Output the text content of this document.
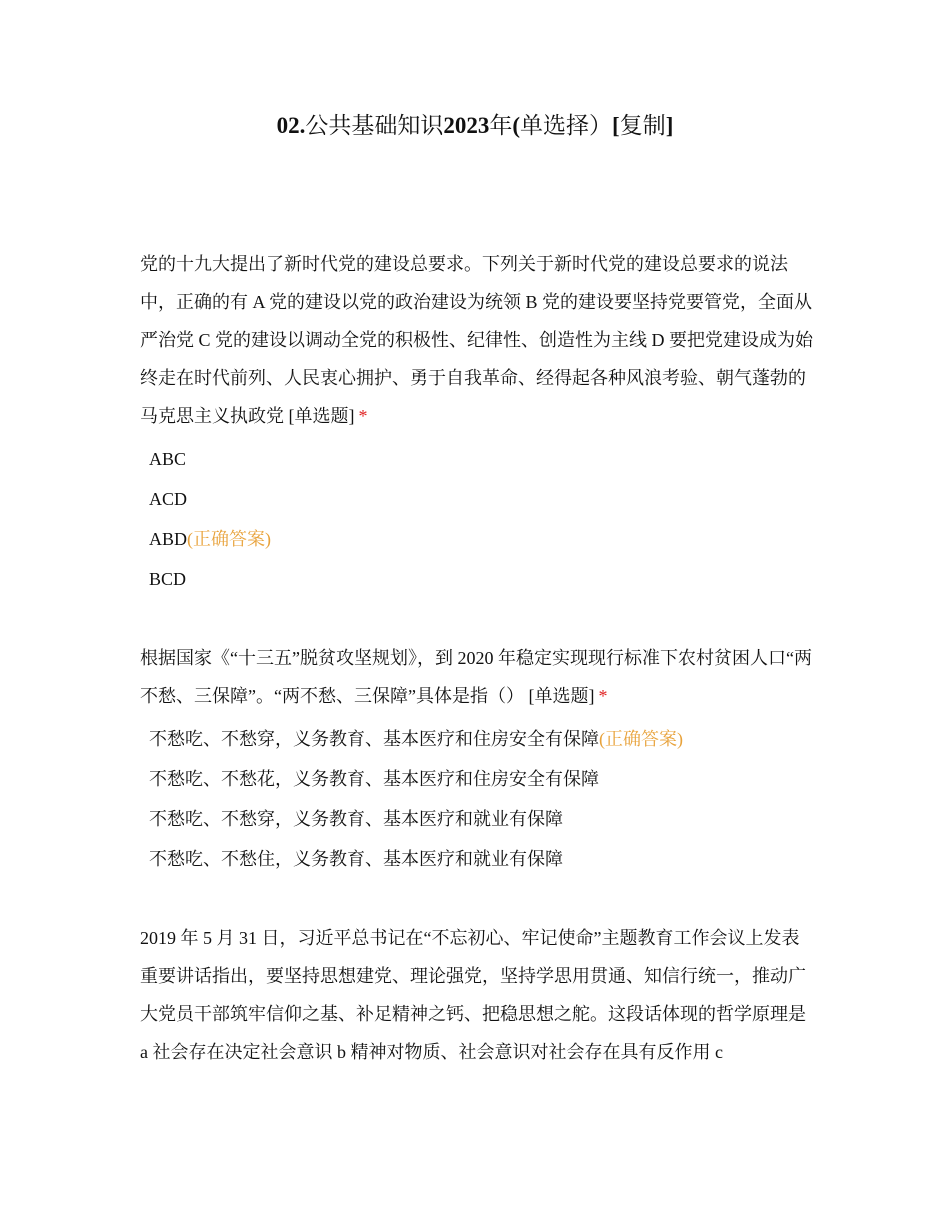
02.公共基础知识2023年(单选择）[复制]

党的十九大提出了新时代党的建设总要求。下列关于新时代党的建设总要求的说法中，正确的有 A 党的建设以党的政治建设为统领 B 党的建设要坚持党要管党，全面从严治党 C 党的建设以调动全党的积极性、纪律性、创造性为主线 D 要把党建设成为始终走在时代前列、人民衷心拥护、勇于自我革命、经得起各种风浪考验、朝气蓬勃的马克思主义执政党 [单选题] *

ABC
ACD
ABD(正确答案)
BCD

根据国家《“十三五”脱贫攻坚规划》，到 2020 年稳定实现现行标准下农村贫困人口“两不愁、三保障”。“两不愁、三保障”具体是指（） [单选题] *

不愁吃、不愁穿，义务教育、基本医疗和住房安全有保障(正确答案)
不愁吃、不愁花，义务教育、基本医疗和住房安全有保障
不愁吃、不愁穿，义务教育、基本医疗和就业有保障
不愁吃、不愁住，义务教育、基本医疗和就业有保障

2019 年 5 月 31 日，习近平总书记在“不忘初心、牢记使命”主题教育工作会议上发表重要讲话指出，要坚持思想建党、理论强党，坚持学思用贯通、知信行统一，推动广大党员干部筑牢信仰之基、补足精神之钙、把稳思想之舵。这段话体现的哲学原理是 a 社会存在决定社会意识 b 精神对物质、社会意识对社会存在具有反作用 c
